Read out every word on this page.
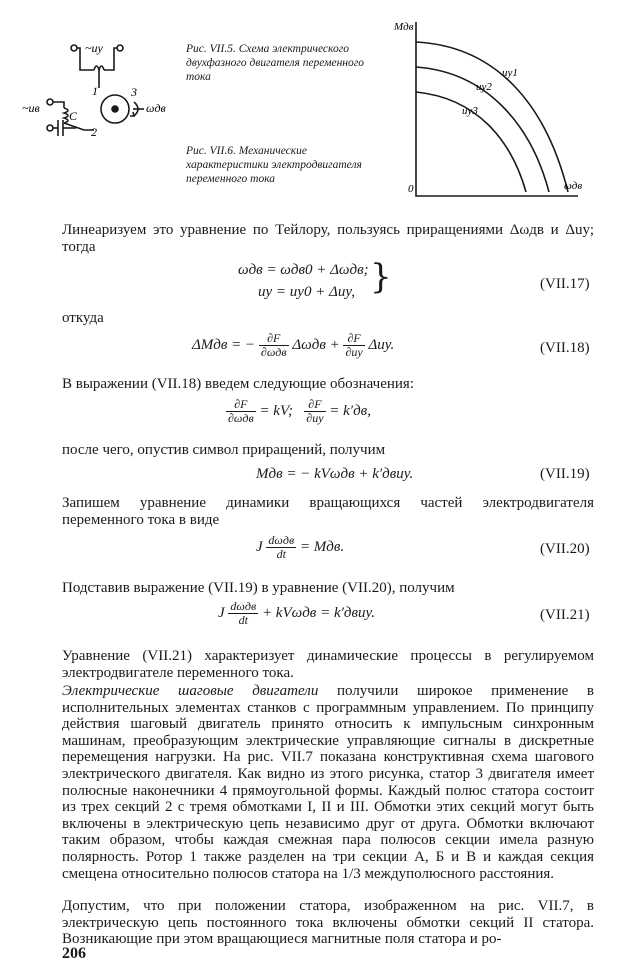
~uу
~uв
C
1
2
3
ωдв
Mдв
ωдв
0
uу1
uу2
uу3
Рис. VII.5. Схема электрического двухфазного двигателя переменного тока
Рис. VII.6. Механические характеристики электродвигателя переменного тока

Линеаризуем это уравнение по Тейлору, пользуясь приращениями Δωдв и Δuу; тогда

ωдв = ωдв0 + Δωдв;
uу = uу0 + Δuу, }	(VII.17)
откуда
ΔMдв = − $\frac{\partial F}{\text{∂ωдв}}$ $\Delta\omega дв + \frac{\partial F}{\partial uу} \Delta uу$.	(VII.18)

В выражении (VII.18) введем следующие обозначения:

$\frac{\partial F}{\text{∂ωдв}}$ = kV; $\frac{\partial F}{\partial uу} = k'дв$,

после чего, опустив символ приращений, получим

Mдв = − kVωдв + k′двuу.	(VII.19)

Запишем уравнение динамики вращающихся частей электродвигателя переменного тока в виде

J $\frac{\text{dωдв}}{dt}$ = Mдв.	(VII.20)

Подставив выражение (VII.19) в уравнение (VII.20), получим

J $\frac{\text{dωдв}}{dt} + kV\omega дв$ = k′двuу.	(VII.21)

Уравнение (VII.21) характеризует динамические процессы в регулируемом электродвигателе переменного тока.

Электрические шаговые двигатели получили широкое применение в исполнительных элементах станков с программным управлением. По принципу действия шаговый двигатель принято относить к импульсным синхронным машинам, преобразующим электрические управляющие сигналы в дискретные перемещения нагрузки. На рис. VII.7 показана конструктивная схема шагового электрического двигателя. Как видно из этого рисунка, статор 3 двигателя имеет полюсные наконечники 4 прямоугольной формы. Каждый полюс статора состоит из трех секций 2 с тремя обмотками I, II и III. Обмотки этих секций могут быть включены в электрическую цепь независимо друг от друга. Обмотки включают таким образом, чтобы каждая смежная пара полюсов секции имела разную полярность. Ротор 1 также разделен на три секции А, Б и В и каждая секция смещена относительно полюсов статора на 1/3 междуполюсного расстояния.

Допустим, что при положении статора, изображенном на рис. VII.7, в электрическую цепь постоянного тока включены обмотки секций II статора. Возникающие при этом вращающиеся магнитные поля статора и ро-

206
